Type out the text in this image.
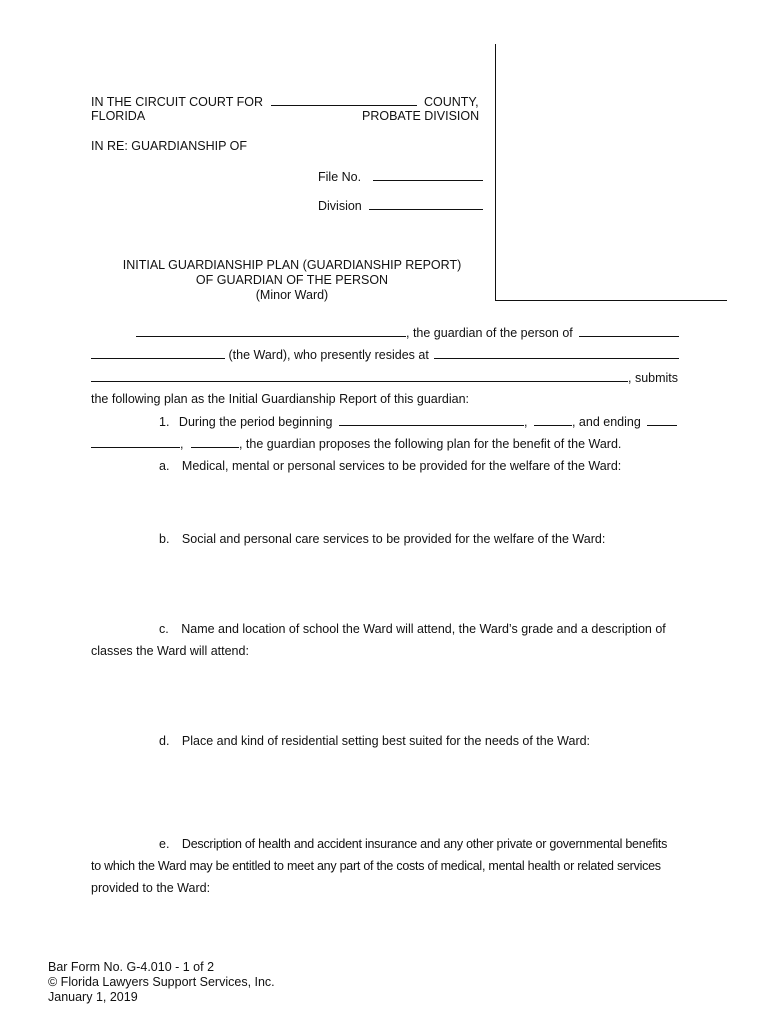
IN THE CIRCUIT COURT FOR	COUNTY,
FLORIDA	PROBATE DIVISION
IN RE: GUARDIANSHIP OF
File No.
Division
INITIAL GUARDIANSHIP PLAN (GUARDIANSHIP REPORT)
OF GUARDIAN OF THE PERSON
(Minor Ward)
, the guardian of the person of
(the Ward), who presently resides at
, submits
the following plan as the Initial Guardianship Report of this guardian:
1. During the period beginning	,	, and ending
,	, the guardian proposes the following plan for the benefit of the Ward.
a. Medical, mental or personal services to be provided for the welfare of the Ward:
b. Social and personal care services to be provided for the welfare of the Ward:
c. Name and location of school the Ward will attend, the Ward’s grade and a description of
classes the Ward will attend:
d. Place and kind of residential setting best suited for the needs of the Ward:
e. Description of health and accident insurance and any other private or governmental benefits
to which the Ward may be entitled to meet any part of the costs of medical, mental health or related services
provided to the Ward:
Bar Form No. G-4.010 - 1 of 2
© Florida Lawyers Support Services, Inc.
January 1, 2019
